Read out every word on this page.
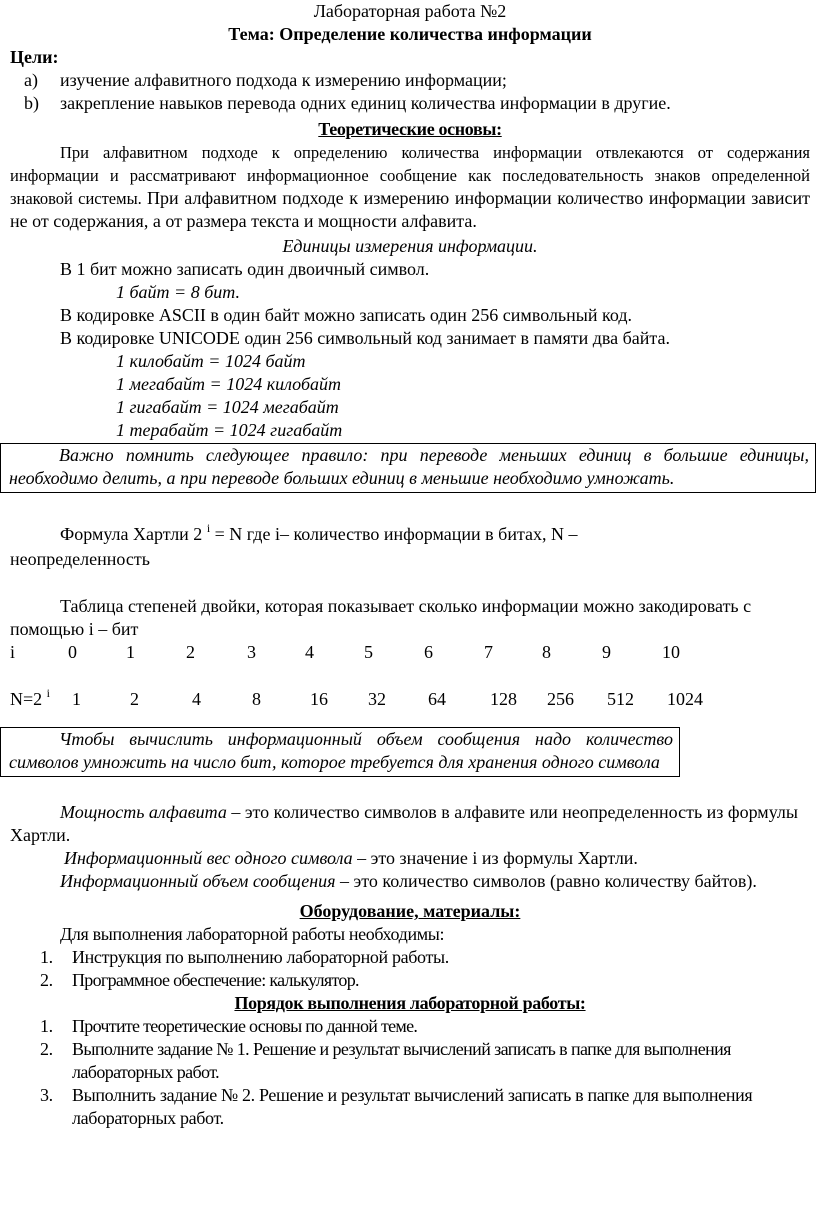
Лабораторная работа №2

Тема: Определение количества информации

Цели:

a)	изучение алфавитного подхода к измерению информации;
b)	закрепление навыков перевода одних единиц количества информации в другие.

Теоретические основы:

При алфавитном подходе к определению количества информации отвлекаются от содержания информации и рассматривают информационное сообщение как последовательность знаков определенной знаковой системы. При алфавитном подходе к измерению информации количество информации зависит не от содержания, а от размера текста и мощности алфавита.

Единицы измерения информации.

В 1 бит можно записать один двоичный символ.

1 байт = 8 бит.

В кодировке ASCII в один байт можно записать один 256 символьный код.

В кодировке UNICODE один 256 символьный код занимает в памяти два байта.

1 килобайт = 1024 байт

1 мегабайт = 1024 килобайт

1 гигабайт = 1024 мегабайт

1 терабайт = 1024 гигабайт

Важно помнить следующее правило: при переводе меньших единиц в большие единицы, необходимо делить, а при переводе больших единиц в меньшие необходимо умножать.

Формула Хартли 2 $^i$ = N где i– количество информации в битах, N –

неопределенность

Таблица степеней двойки, которая показывает сколько информации можно закодировать с помощью i – бит

i	0	1	2	3	4	5	6	7	8	9	10
N=2 i	1	2	4	8	16	32	64	128	256	512	1024
Чтобы вычислить информационный объем сообщения надо количество символов умножить на число бит, которое требуется для хранения одного символа

Мощность алфавита – это количество символов в алфавите или неопределенность из формулы Хартли.

Информационный вес одного символа – это значение i из формулы Хартли.

Информационный объем сообщения – это количество символов (равно количеству байтов).

Оборудование, материалы:

Для выполнения лабораторной работы необходимы:

1.	Инструкция по выполнению лабораторной работы.
2.	Программное обеспечение: калькулятор.

Порядок выполнения лабораторной работы:

1.	Прочтите теоретические основы по данной теме.
2.	Выполните задание № 1. Решение и результат вычислений записать в папке для выполнения лабораторных работ.
3.	Выполнить задание № 2. Решение и результат вычислений записать в папке для выполнения лабораторных работ.
